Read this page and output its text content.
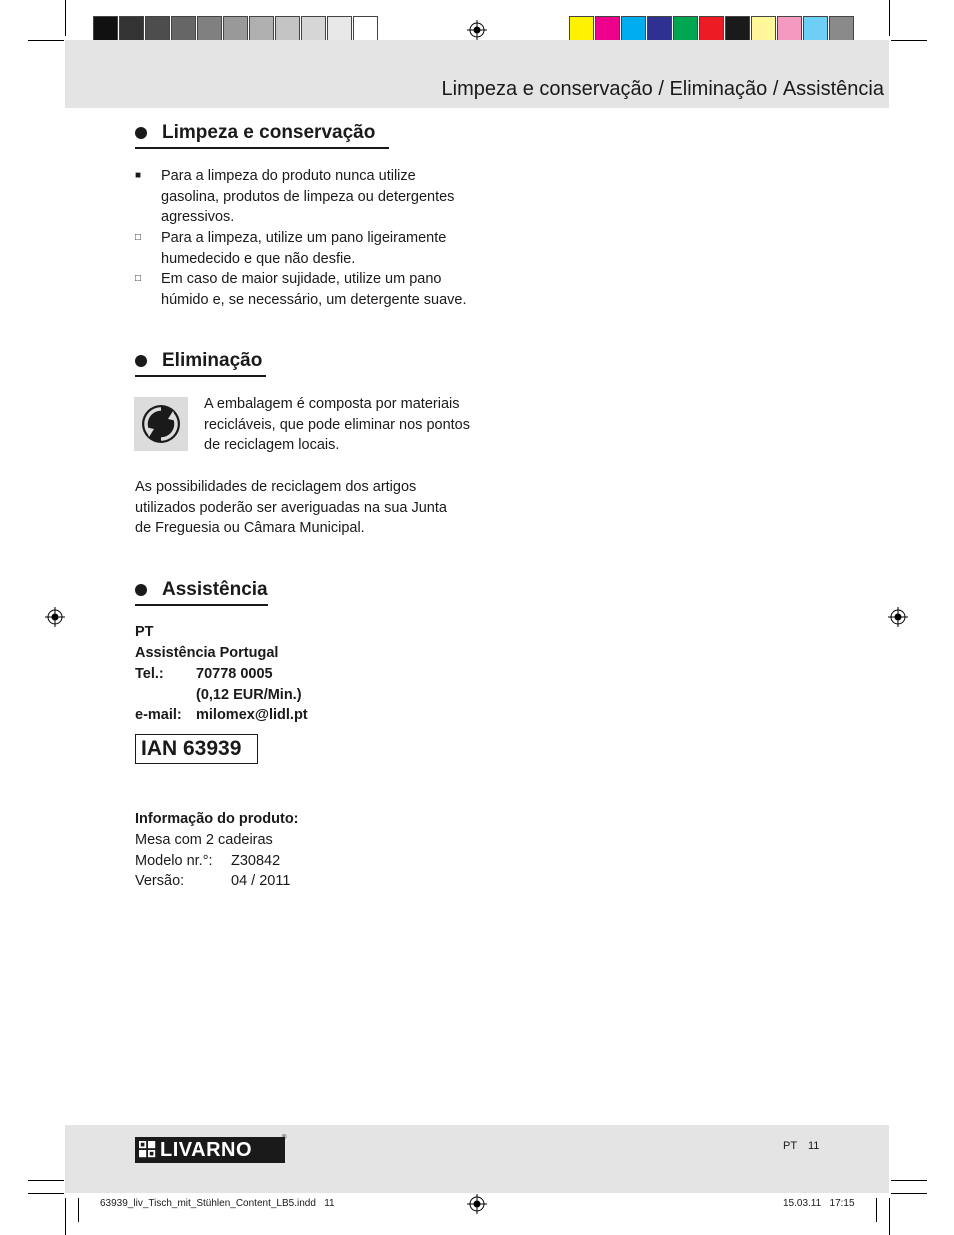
Limpeza e conservação / Eliminação / Assistência
Limpeza e conservação
■	Para a limpeza do produto nunca utilize gasolina, produtos de limpeza ou detergentes agressivos.
□	Para a limpeza, utilize um pano ligeiramente humedecido e que não desfie.
□	Em caso de maior sujidade, utilize um pano húmido e, se necessário, um detergente suave.
Eliminação
A embalagem é composta por materiais recicláveis, que pode eliminar nos pontos de reciclagem locais.
As possibilidades de reciclagem dos artigos utilizados poderão ser averiguadas na sua Junta de Freguesia ou Câmara Municipal.
Assistência
PT
Assistência Portugal
Tel.: 70778 0005
(0,12 EUR/Min.)
e-mail: milomex@lidl.pt
IAN 63939
Informação do produto:
Mesa com 2 cadeiras
Modelo nr.°: Z30842
Versão:	04 / 2011
LIVARNO
®
PT 11
63939_liv_Tisch_mit_Stühlen_Content_LB5.indd   11	15.03.11   17:15
